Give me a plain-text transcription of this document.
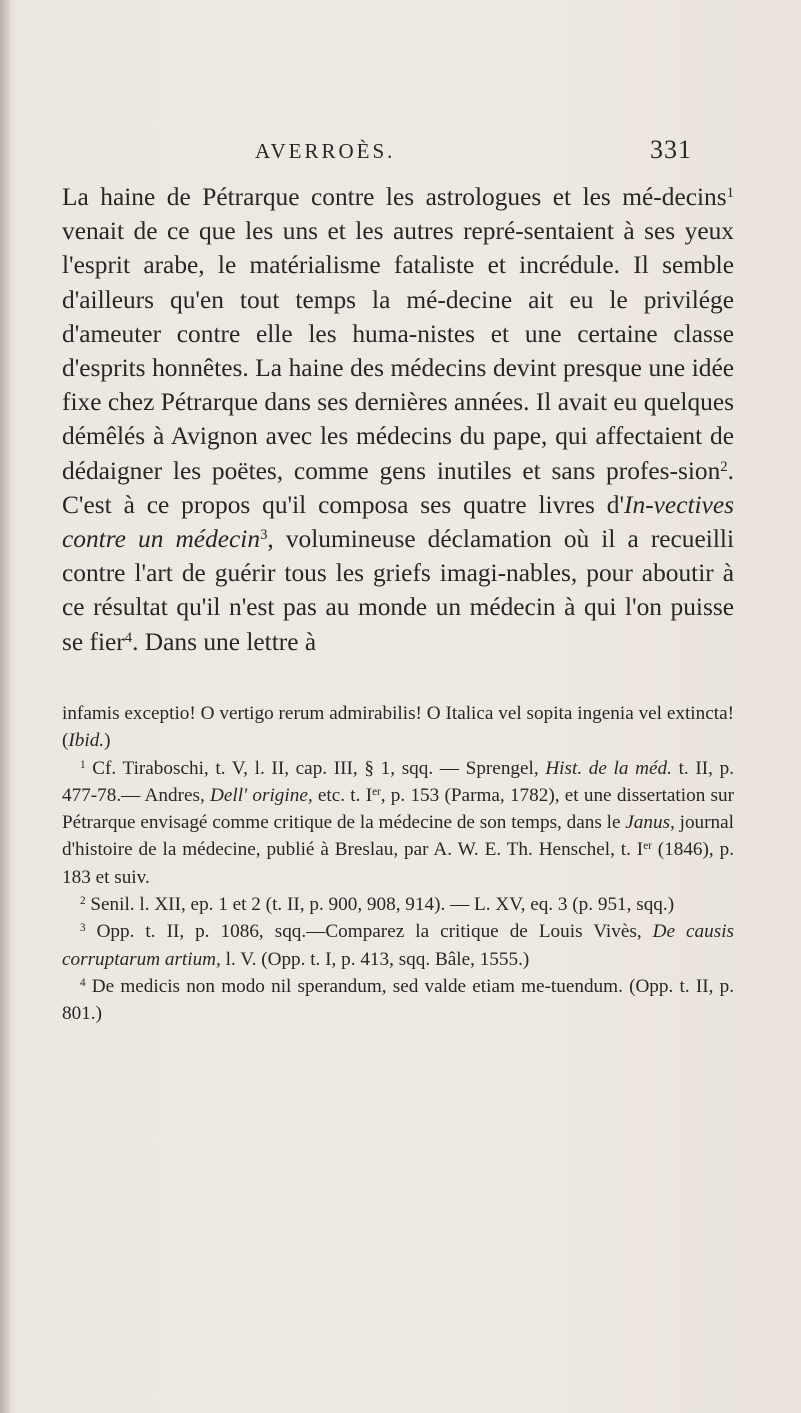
AVERROÈS.	331

La haine de Pétrarque contre les astrologues et les mé-decins$^1$ venait de ce que les uns et les autres repré-sentaient à ses yeux l'esprit arabe, le matérialisme fataliste et incrédule. Il semble d'ailleurs qu'en tout temps la mé-decine ait eu le privilége d'ameuter contre elle les huma-nistes et une certaine classe d'esprits honnêtes. La haine des médecins devint presque une idée fixe chez Pétrarque dans ses dernières années. Il avait eu quelques démêlés à Avignon avec les médecins du pape, qui affectaient de dédaigner les poëtes, comme gens inutiles et sans profes-sion$^2$. C'est à ce propos qu'il composa ses quatre livres d'In-vectives contre un médecin$^3$, volumineuse déclamation où il a recueilli contre l'art de guérir tous les griefs imagi-nables, pour aboutir à ce résultat qu'il n'est pas au monde un médecin à qui l'on puisse se fier$^4$. Dans une lettre à

infamis exceptio! O vertigo rerum admirabilis! O Italica vel sopita ingenia vel extincta! (Ibid.)

$^1$ Cf. Tiraboschi, t. V, l. II, cap. III, § 1, sqq. — Sprengel, Hist. de la méd. t. II, p. 477-78.— Andres, Dell' origine, etc. t. Ier, p. 153 (Parma, 1782), et une dissertation sur Pétrarque envisagé comme critique de la médecine de son temps, dans le Janus, journal d'histoire de la médecine, publié à Breslau, par A. W. E. Th. Henschel, t. Ier (1846), p. 183 et suiv.

$^2$ Senil. l. XII, ep. 1 et 2 (t. II, p. 900, 908, 914). — L. XV, eq. 3 (p. 951, sqq.)

$^3$ Opp. t. II, p. 1086, sqq.—Comparez la critique de Louis Vivès, De causis corruptarum artium, l. V. (Opp. t. I, p. 413, sqq. Bâle, 1555.)

$^4$ De medicis non modo nil sperandum, sed valde etiam me-tuendum. (Opp. t. II, p. 801.)
